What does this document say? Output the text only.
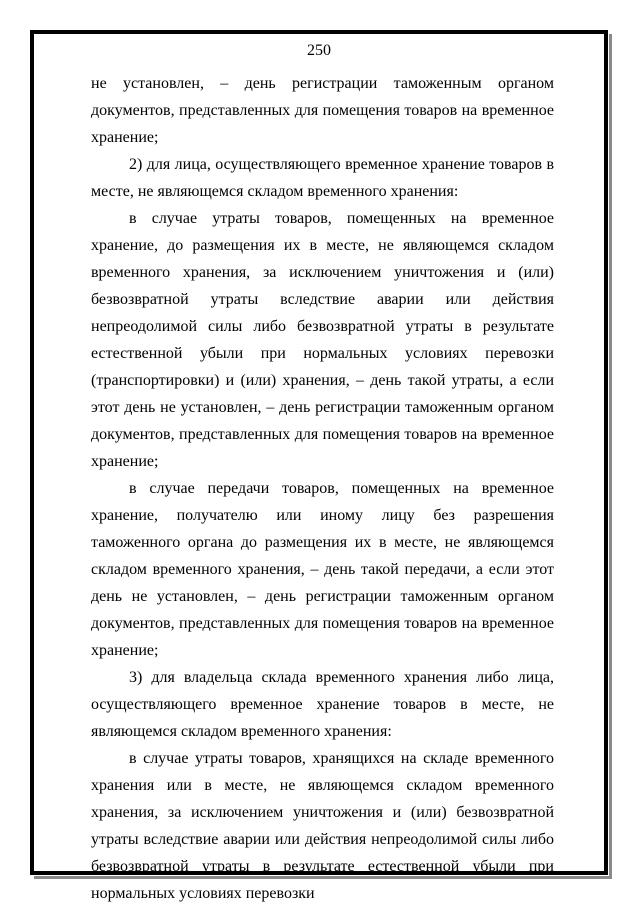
250

не установлен, – день регистрации таможенным органом документов, представленных для помещения товаров на временное хранение;

2) для лица, осуществляющего временное хранение товаров в месте, не являющемся складом временного хранения:

в случае утраты товаров, помещенных на временное хранение, до размещения их в месте, не являющемся складом временного хранения, за исключением уничтожения и (или) безвозвратной утраты вследствие аварии или действия непреодолимой силы либо безвозвратной утраты в результате естественной убыли при нормальных условиях перевозки (транспортировки) и (или) хранения, – день такой утраты, а если этот день не установлен, – день регистрации таможенным органом документов, представленных для помещения товаров на временное хранение;

в случае передачи товаров, помещенных на временное хранение, получателю или иному лицу без разрешения таможенного органа до размещения их в месте, не являющемся складом временного хранения, – день такой передачи, а если этот день не установлен, – день регистрации таможенным органом документов, представленных для помещения товаров на временное хранение;

3) для владельца склада временного хранения либо лица, осуществляющего временное хранение товаров в месте, не являющемся складом временного хранения:

в случае утраты товаров, хранящихся на складе временного хранения или в месте, не являющемся складом временного хранения, за исключением уничтожения и (или) безвозвратной утраты вследствие аварии или действия непреодолимой силы либо безвозвратной утраты в результате естественной убыли при нормальных условиях перевозки
